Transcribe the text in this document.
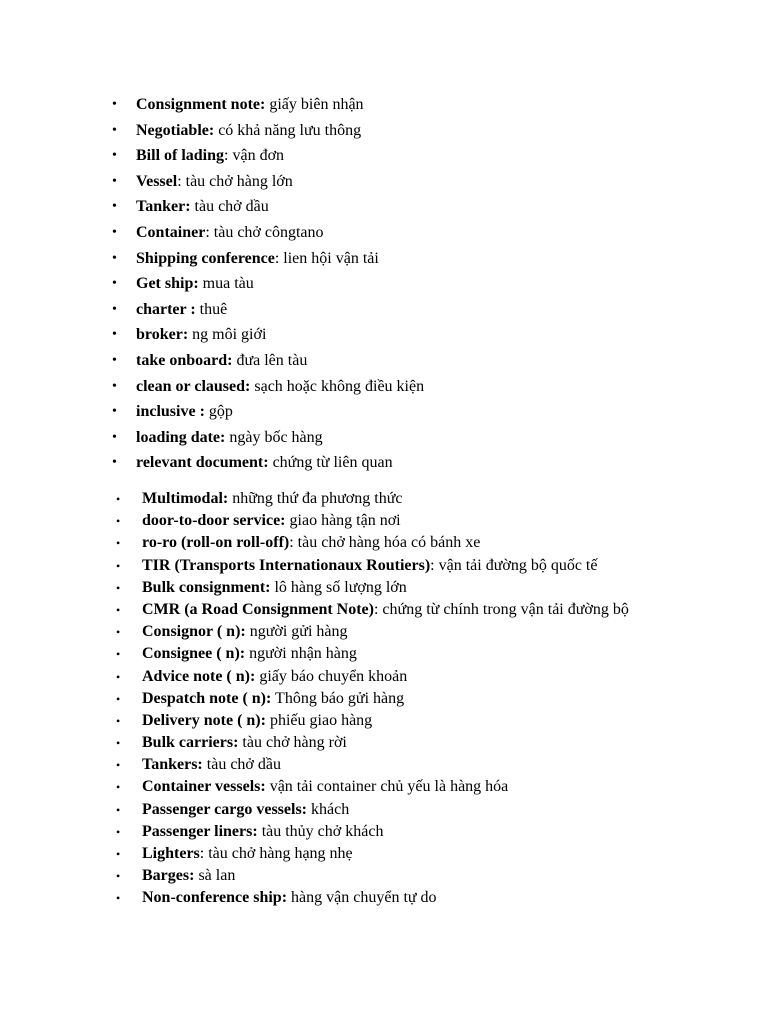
• Consignment note: giấy biên nhận
• Negotiable: có khả năng lưu thông
• Bill of lading: vận đơn
• Vessel: tàu chở hàng lớn
• Tanker: tàu chở dầu
• Container: tàu chở côngtano
• Shipping conference: lien hội vận tải
• Get ship: mua tàu
• charter : thuê
• broker: ng môi giới
• take onboard: đưa lên tàu
• clean or claused: sạch hoặc không điều kiện
• inclusive : gộp
• loading date: ngày bốc hàng
• relevant document: chứng từ liên quan
• Multimodal: những thứ đa phương thức
• door-to-door service: giao hàng tận nơi
• ro-ro (roll-on roll-off): tàu chở hàng hóa có bánh xe
• TIR (Transports Internationaux Routiers): vận tải đường bộ quốc tế
• Bulk consignment: lô hàng số lượng lớn
• CMR (a Road Consignment Note): chứng từ chính trong vận tải đường bộ
• Consignor ( n): người gửi hàng
• Consignee ( n): người nhận hàng
• Advice note ( n): giấy báo chuyển khoản
• Despatch note ( n): Thông báo gửi hàng
• Delivery note ( n): phiếu giao hàng
• Bulk carriers: tàu chở hàng rời
• Tankers: tàu chở dầu
• Container vessels: vận tải container chủ yếu là hàng hóa
• Passenger cargo vessels: khách
• Passenger liners: tàu thủy chở khách
• Lighters: tàu chở hàng hạng nhẹ
• Barges: sà lan
• Non-conference ship: hàng vận chuyển tự do
